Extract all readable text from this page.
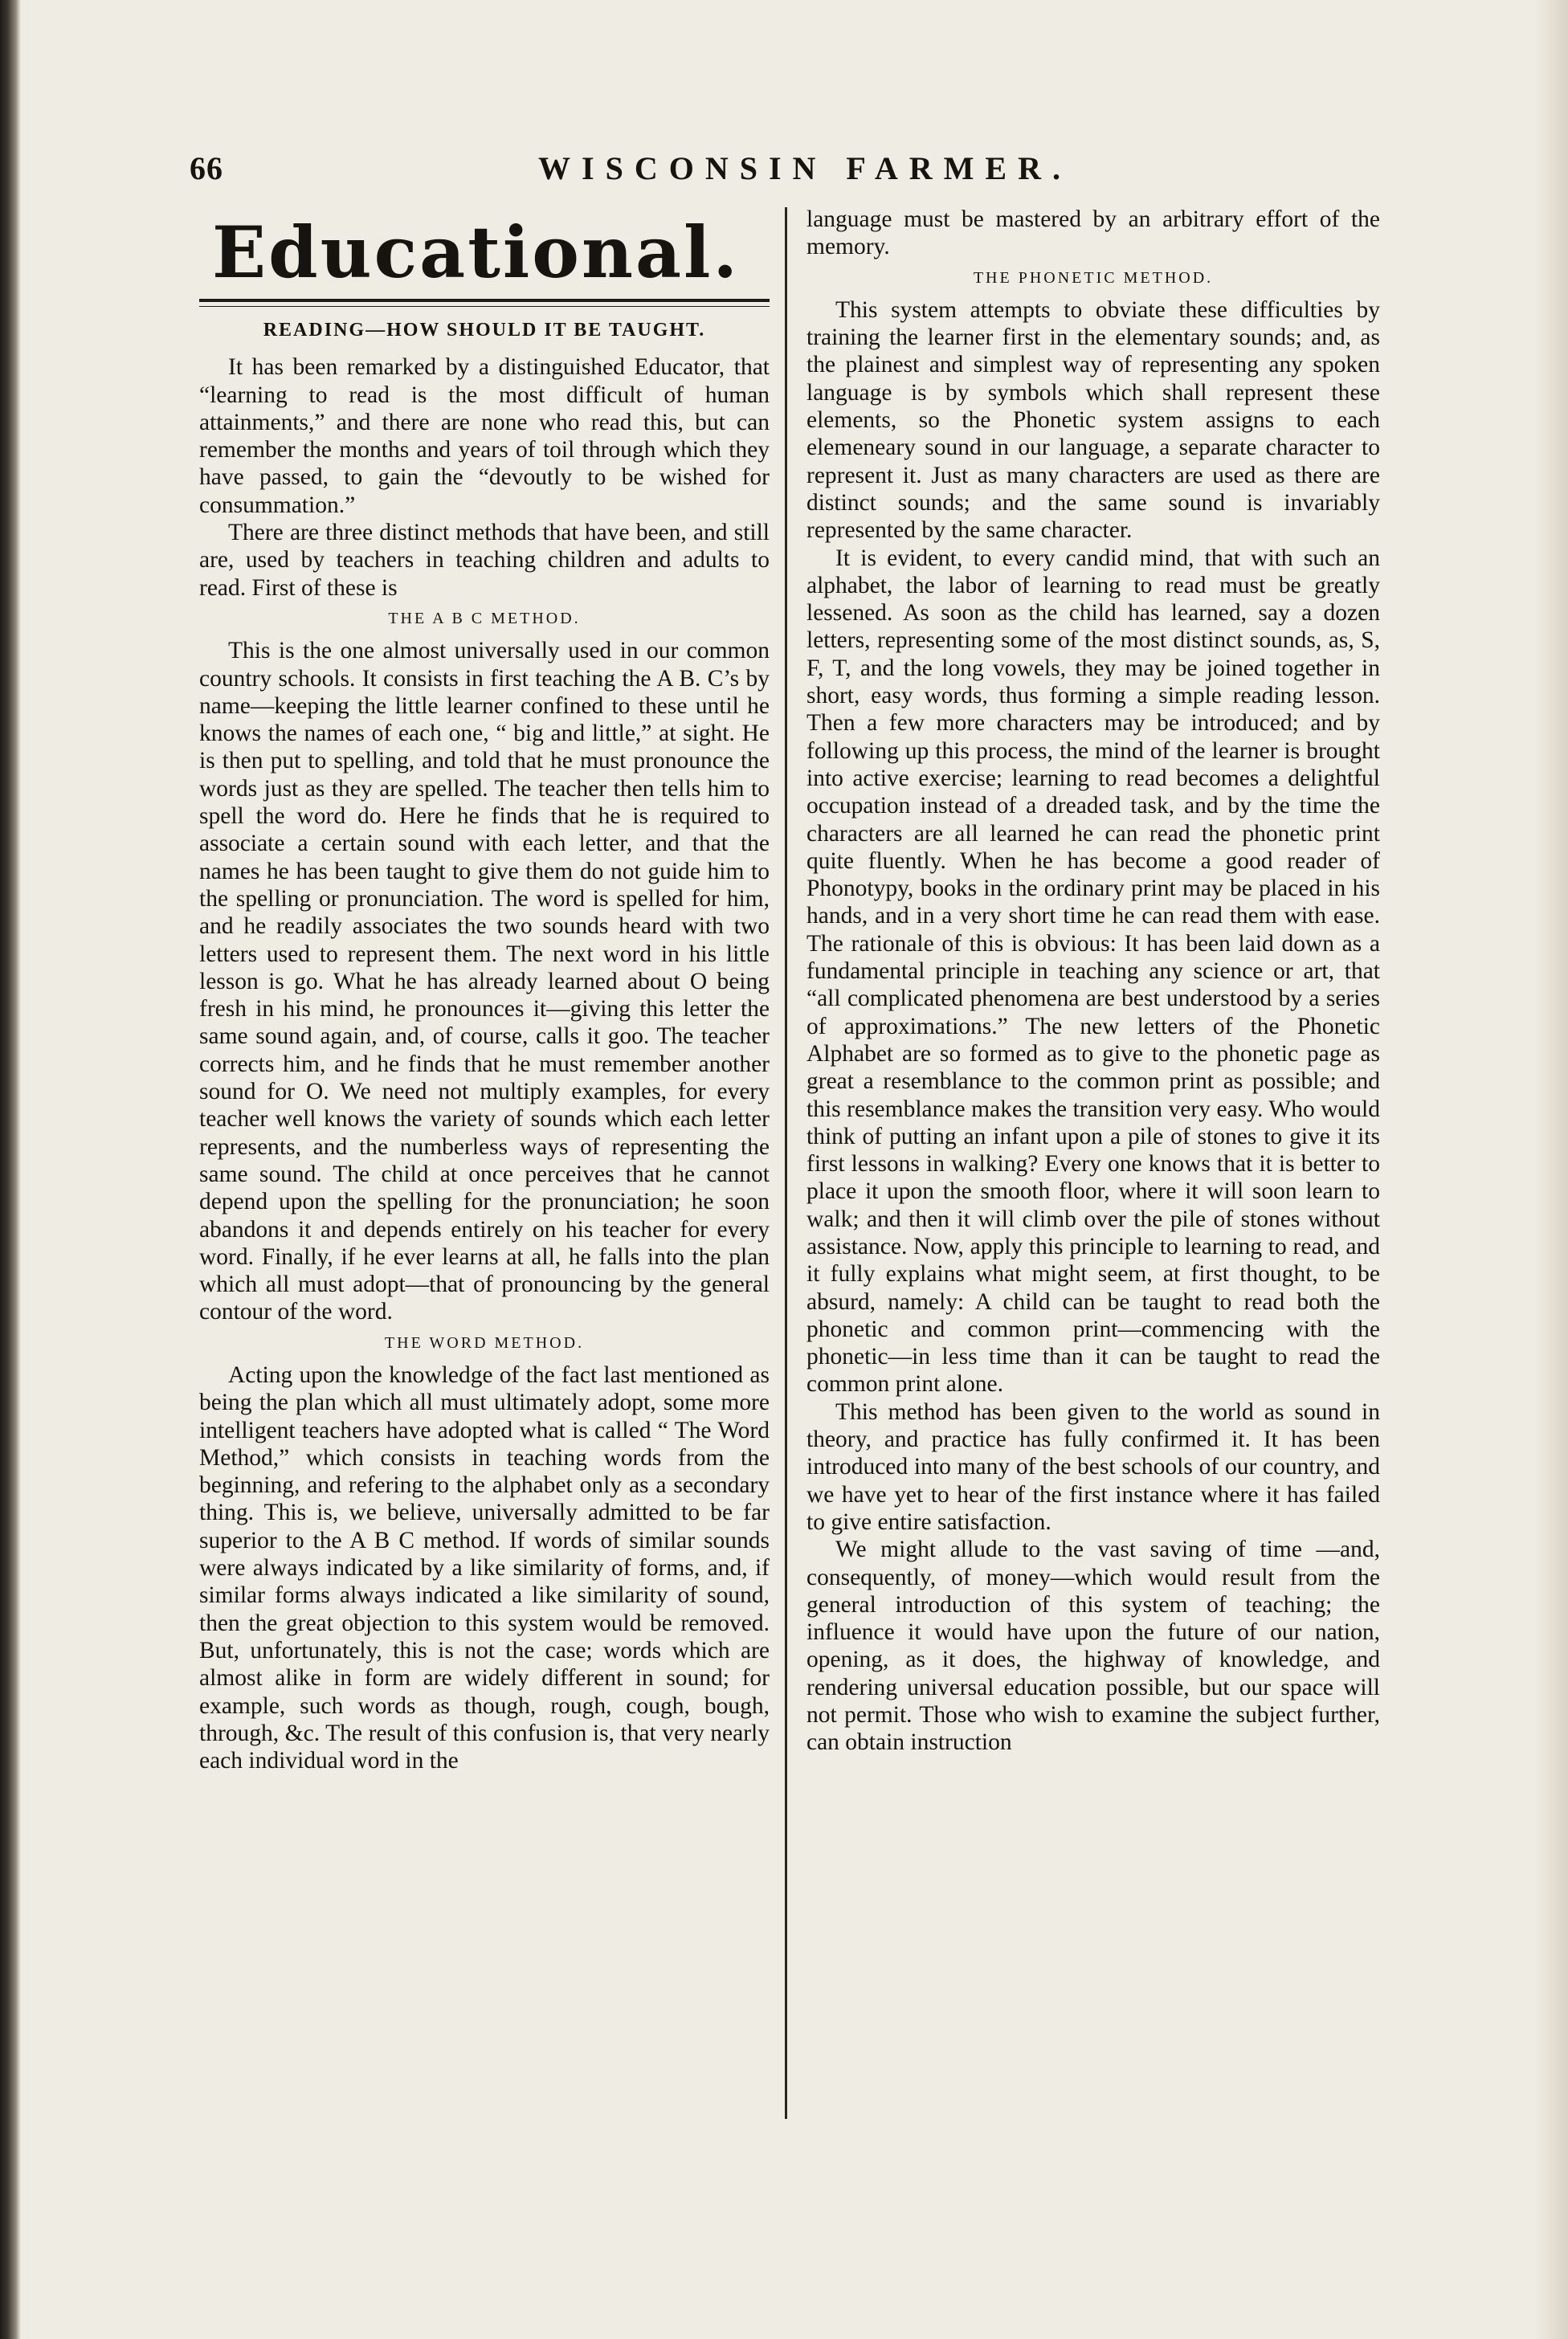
66	WISCONSIN FARMER.
Educational.
READING—HOW SHOULD IT BE TAUGHT.

It has been remarked by a distinguished Educator, that “learning to read is the most difficult of human attainments,” and there are none who read this, but can remember the months and years of toil through which they have passed, to gain the “devoutly to be wished for consummation.”

There are three distinct methods that have been, and still are, used by teachers in teaching children and adults to read. First of these is

THE A B C METHOD.

This is the one almost universally used in our common country schools. It consists in first teaching the A B. C’s by name—keeping the little learner confined to these until he knows the names of each one, “ big and little,” at sight. He is then put to spelling, and told that he must pronounce the words just as they are spelled. The teacher then tells him to spell the word do. Here he finds that he is required to associate a certain sound with each letter, and that the names he has been taught to give them do not guide him to the spelling or pronunciation. The word is spelled for him, and he readily associates the two sounds heard with two letters used to represent them. The next word in his little lesson is go. What he has already learned about O being fresh in his mind, he pronounces it—giving this letter the same sound again, and, of course, calls it goo. The teacher corrects him, and he finds that he must remember another sound for O. We need not multiply examples, for every teacher well knows the variety of sounds which each letter represents, and the numberless ways of representing the same sound. The child at once perceives that he cannot depend upon the spelling for the pronunciation; he soon abandons it and depends entirely on his teacher for every word. Finally, if he ever learns at all, he falls into the plan which all must adopt—that of pronouncing by the general contour of the word.

THE WORD METHOD.

Acting upon the knowledge of the fact last mentioned as being the plan which all must ultimately adopt, some more intelligent teachers have adopted what is called “ The Word Method,” which consists in teaching words from the beginning, and refering to the alphabet only as a secondary thing. This is, we believe, universally admitted to be far superior to the A B C method. If words of similar sounds were always indicated by a like similarity of forms, and, if similar forms always indicated a like similarity of sound, then the great objection to this system would be removed. But, unfortunately, this is not the case; words which are almost alike in form are widely different in sound; for example, such words as though, rough, cough, bough, through, &c. The result of this confusion is, that very nearly each individual word in the

language must be mastered by an arbitrary effort of the memory.

THE PHONETIC METHOD.

This system attempts to obviate these difficulties by training the learner first in the elementary sounds; and, as the plainest and simplest way of representing any spoken language is by symbols which shall represent these elements, so the Phonetic system assigns to each elemeneary sound in our language, a separate character to represent it. Just as many characters are used as there are distinct sounds; and the same sound is invariably represented by the same character.

It is evident, to every candid mind, that with such an alphabet, the labor of learning to read must be greatly lessened. As soon as the child has learned, say a dozen letters, representing some of the most distinct sounds, as, S, F, T, and the long vowels, they may be joined together in short, easy words, thus forming a simple reading lesson. Then a few more characters may be introduced; and by following up this process, the mind of the learner is brought into active exercise; learning to read becomes a delightful occupation instead of a dreaded task, and by the time the characters are all learned he can read the phonetic print quite fluently. When he has become a good reader of Phonotypy, books in the ordinary print may be placed in his hands, and in a very short time he can read them with ease. The rationale of this is obvious: It has been laid down as a fundamental principle in teaching any science or art, that “all complicated phenomena are best understood by a series of approximations.” The new letters of the Phonetic Alphabet are so formed as to give to the phonetic page as great a resemblance to the common print as possible; and this resemblance makes the transition very easy. Who would think of putting an infant upon a pile of stones to give it its first lessons in walking? Every one knows that it is better to place it upon the smooth floor, where it will soon learn to walk; and then it will climb over the pile of stones without assistance. Now, apply this principle to learning to read, and it fully explains what might seem, at first thought, to be absurd, namely: A child can be taught to read both the phonetic and common print—commencing with the phonetic—in less time than it can be taught to read the common print alone.

This method has been given to the world as sound in theory, and practice has fully confirmed it. It has been introduced into many of the best schools of our country, and we have yet to hear of the first instance where it has failed to give entire satisfaction.

We might allude to the vast saving of time —and, consequently, of money—which would result from the general introduction of this system of teaching; the influence it would have upon the future of our nation, opening, as it does, the highway of knowledge, and rendering universal education possible, but our space will not permit. Those who wish to examine the subject further, can obtain instruction
